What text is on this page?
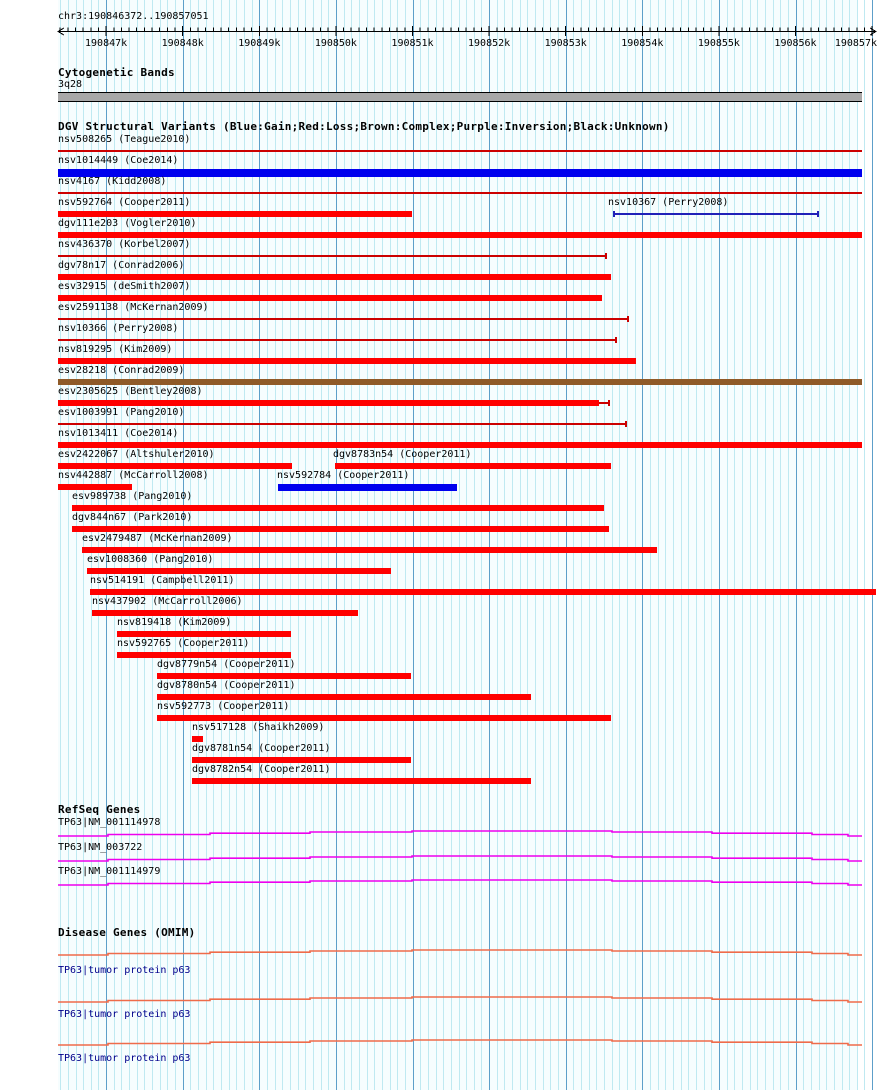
chr3:190846372..190857051
190847k	190848k	190849k	190850k	190851k	190852k	190853k	190854k	190855k	190856k 190857k
Cytogenetic Bands
3q28
DGV Structural Variants (Blue:Gain;Red:Loss;Brown:Complex;Purple:Inversion;Black:Unknown)
RefSeq Genes
Disease Genes (OMIM)
nsv508265 (Teague2010)
nsv1014449 (Coe2014)
nsv4167 (Kidd2008)
nsv592764 (Cooper2011)	nsv10367 (Perry2008)
dgv111e203 (Vogler2010)
nsv436370 (Korbel2007)
dgv78n17 (Conrad2006)
esv32915 (deSmith2007)
esv2591138 (McKernan2009)
nsv10366 (Perry2008)
nsv819295 (Kim2009)
esv28218 (Conrad2009)
esv2305625 (Bentley2008)
esv1003991 (Pang2010)
nsv1013411 (Coe2014)
esv2422067 (Altshuler2010)	dgv8783n54 (Cooper2011)
nsv442887 (McCarroll2008)	nsv592784 (Cooper2011)
esv989738 (Pang2010)
dgv844n67 (Park2010)
esv2479487 (McKernan2009)
esv1008360 (Pang2010)
nsv514191 (Campbell2011)
nsv437902 (McCarroll2006)
nsv819418 (Kim2009)
nsv592765 (Cooper2011)
dgv8779n54 (Cooper2011)
dgv8780n54 (Cooper2011)
nsv592773 (Cooper2011)
nsv517128 (Shaikh2009)
dgv8781n54 (Cooper2011)
dgv8782n54 (Cooper2011)
TP63|NM_001114978
TP63|NM_003722
TP63|NM_001114979
TP63|tumor protein p63
TP63|tumor protein p63
TP63|tumor protein p63
